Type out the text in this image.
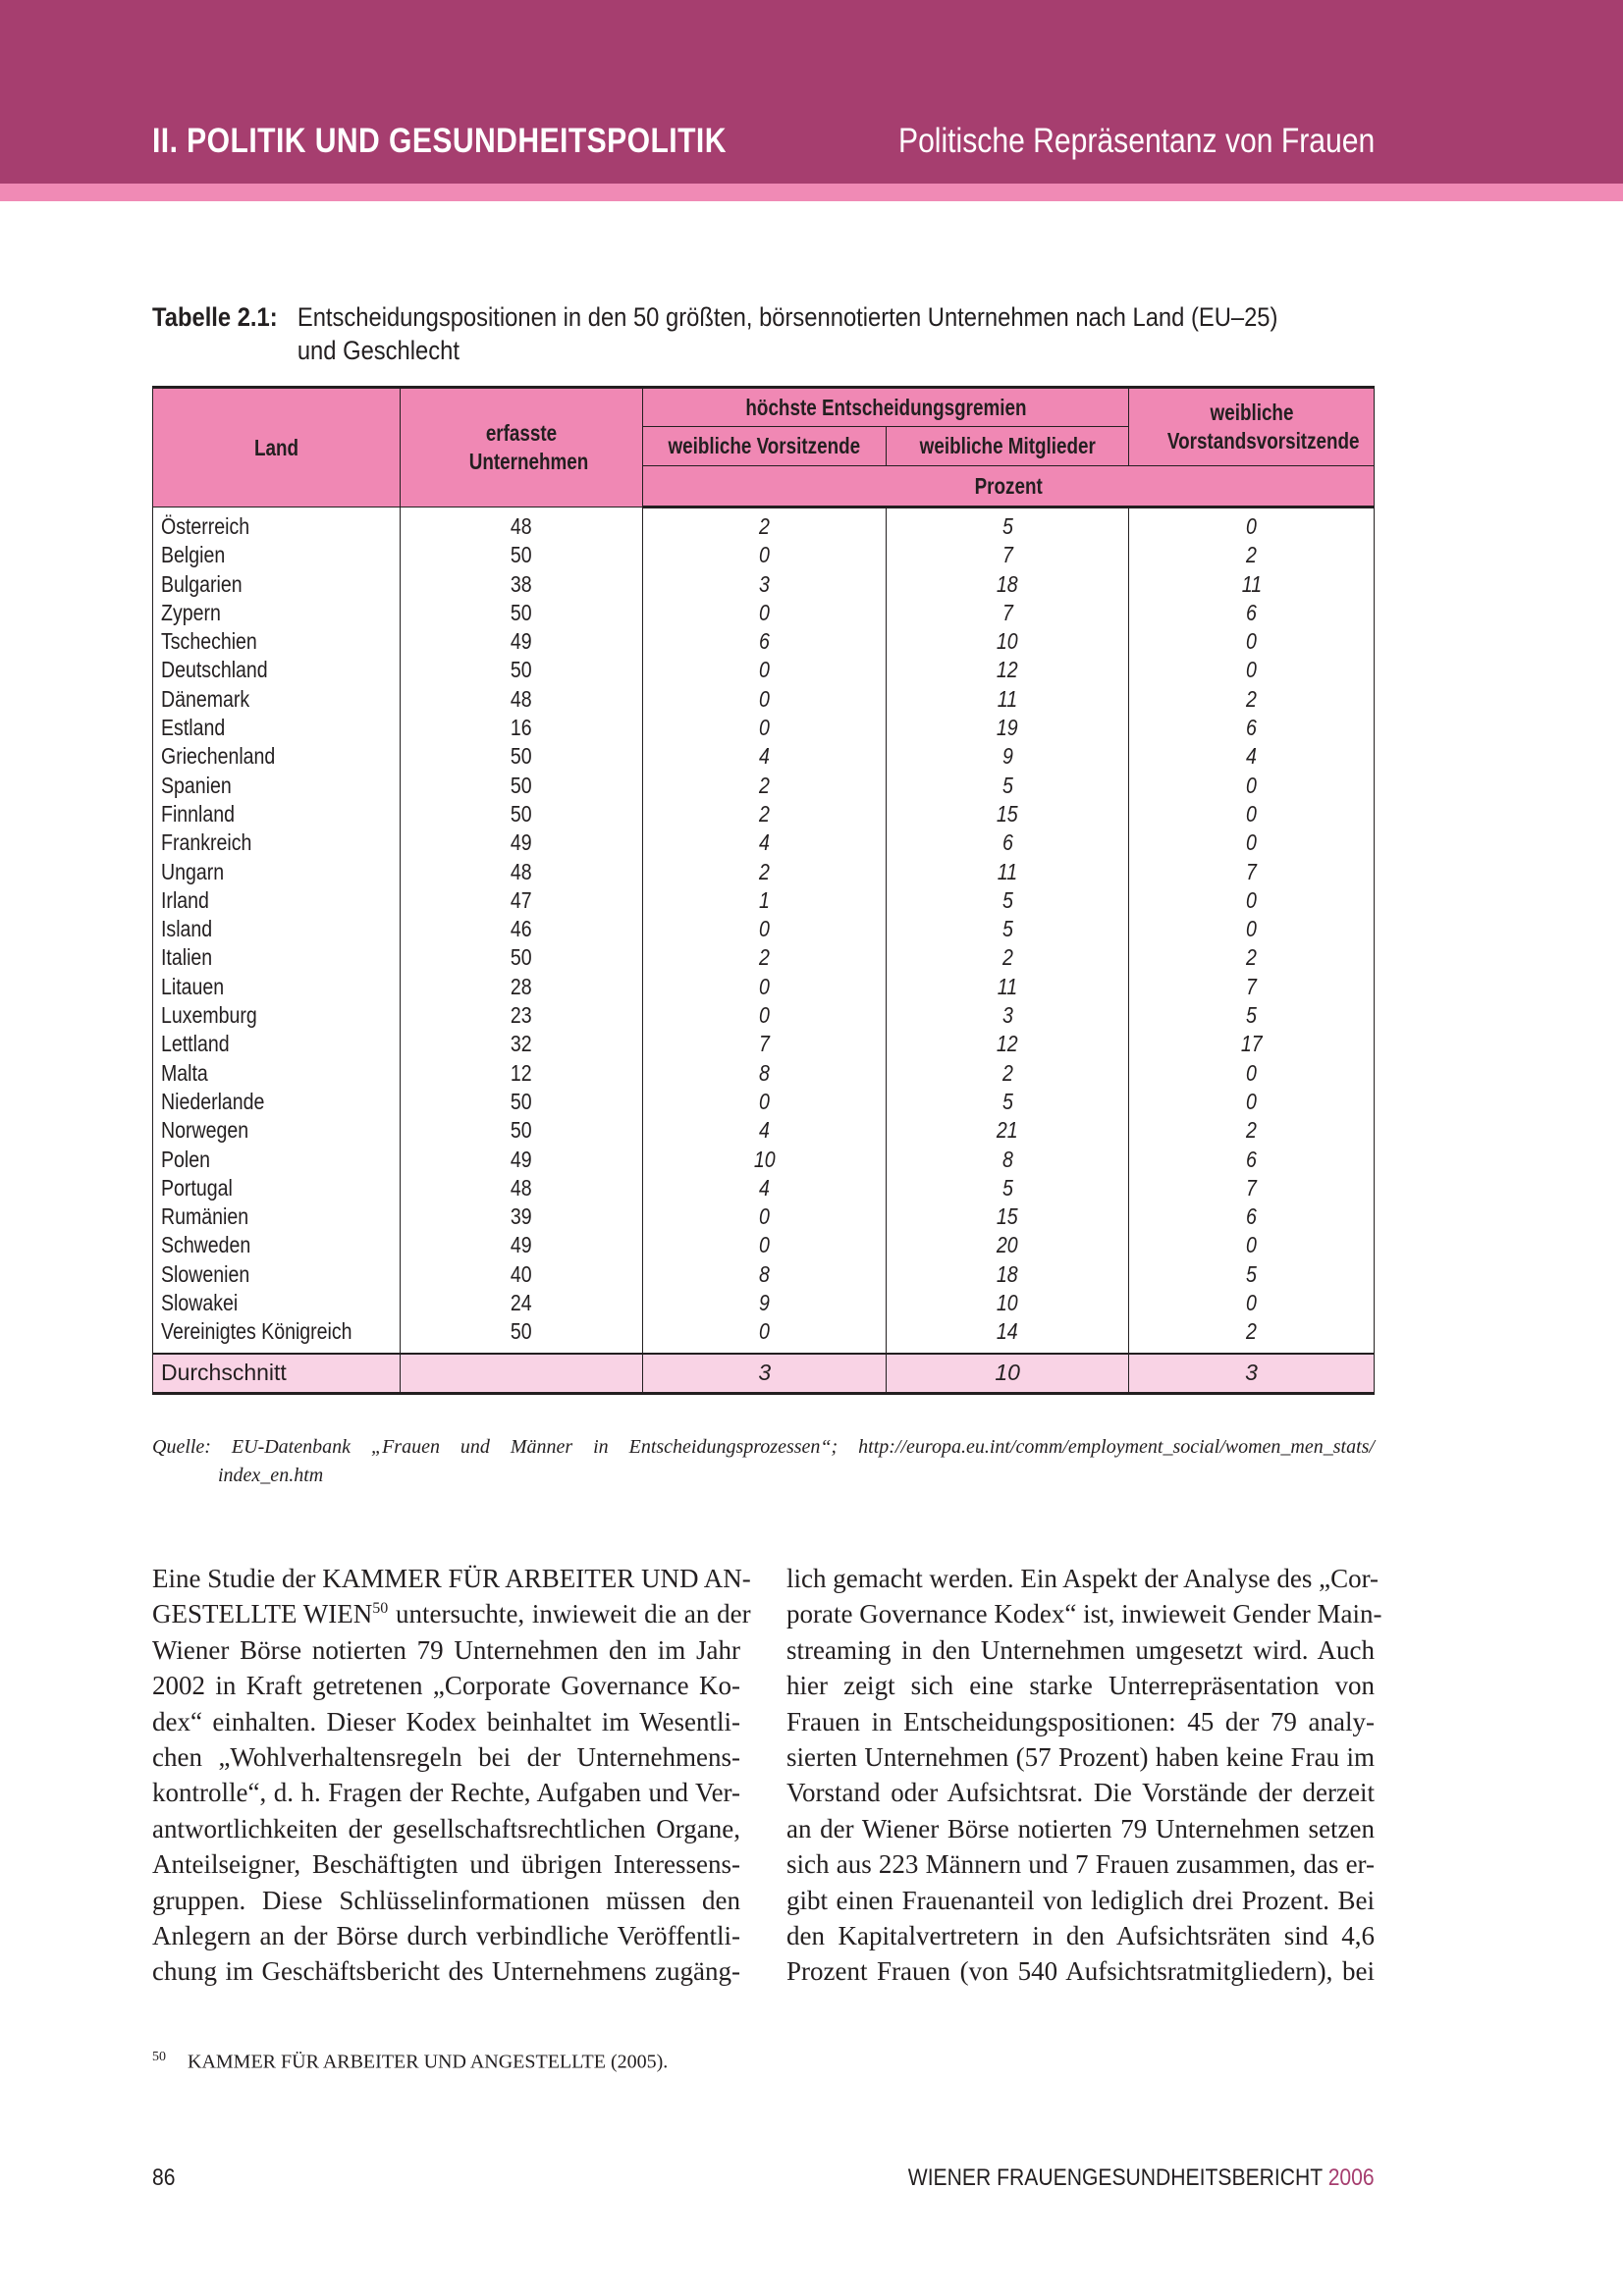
II. POLITIK UND GESUNDHEITSPOLITIK	Politische Repräsentanz von Frauen
Tabelle 2.1: Entscheidungspositionen in den 50 größten, börsennotierten Unternehmen nach Land (EU–25)
und Geschlecht
Land	erfasste Unternehmen	höchste Entscheidungsgremien		weibliche Vorstandsvorsitzende
		weibliche Vorsitzende	weibliche Mitglieder	
		Prozent		
Österreich	48	2	5	0
Belgien	50	0	7	2
Bulgarien	38	3	18	11
Zypern	50	0	7	6
Tschechien	49	6	10	0
Deutschland	50	0	12	0
Dänemark	48	0	11	2
Estland	16	0	19	6
Griechenland	50	4	9	4
Spanien	50	2	5	0
Finnland	50	2	15	0
Frankreich	49	4	6	0
Ungarn	48	2	11	7
Irland	47	1	5	0
Island	46	0	5	0
Italien	50	2	2	2
Litauen	28	0	11	7
Luxemburg	23	0	3	5
Lettland	32	7	12	17
Malta	12	8	2	0
Niederlande	50	0	5	0
Norwegen	50	4	21	2
Polen	49	10	8	6
Portugal	48	4	5	7
Rumänien	39	0	15	6
Schweden	49	0	20	0
Slowenien	40	8	18	5
Slowakei	24	9	10	0
Vereinigtes Königreich	50	0	14	2
Durchschnitt		3	10	3
Quelle: EU-Datenbank „Frauen und Männer in Entscheidungsprozessen“; http://europa.eu.int/comm/employment_social/women_men_stats/
index_en.htm
Eine Studie der KAMMER FÜR ARBEITER UND AN-
GESTELLTE WIEN$^{50}$ untersuchte, inwieweit die an der
Wiener Börse notierten 79 Unternehmen den im Jahr
2002 in Kraft getretenen „Corporate Governance Ko-
dex“ einhalten. Dieser Kodex beinhaltet im Wesentli-
chen „Wohlverhaltensregeln bei der Unternehmens-
kontrolle“, d. h. Fragen der Rechte, Aufgaben und Ver-
antwortlichkeiten der gesellschaftsrechtlichen Organe,
Anteilseigner, Beschäftigten und übrigen Interessens-
gruppen. Diese Schlüsselinformationen müssen den
Anlegern an der Börse durch verbindliche Veröffentli-
chung im Geschäftsbericht des Unternehmens zugäng-
lich gemacht werden. Ein Aspekt der Analyse des „Cor-
porate Governance Kodex“ ist, inwieweit Gender Main-
streaming in den Unternehmen umgesetzt wird. Auch
hier zeigt sich eine starke Unterrepräsentation von
Frauen in Entscheidungspositionen: 45 der 79 analy-
sierten Unternehmen (57 Prozent) haben keine Frau im
Vorstand oder Aufsichtsrat. Die Vorstände der derzeit
an der Wiener Börse notierten 79 Unternehmen setzen
sich aus 223 Männern und 7 Frauen zusammen, das er-
gibt einen Frauenanteil von lediglich drei Prozent. Bei
den Kapitalvertretern in den Aufsichtsräten sind 4,6
Prozent Frauen (von 540 Aufsichtsratmitgliedern), bei
$^{50}$ KAMMER FÜR ARBEITER UND ANGESTELLTE (2005).
86	WIENER FRAUENGESUNDHEITSBERICHT 2006
